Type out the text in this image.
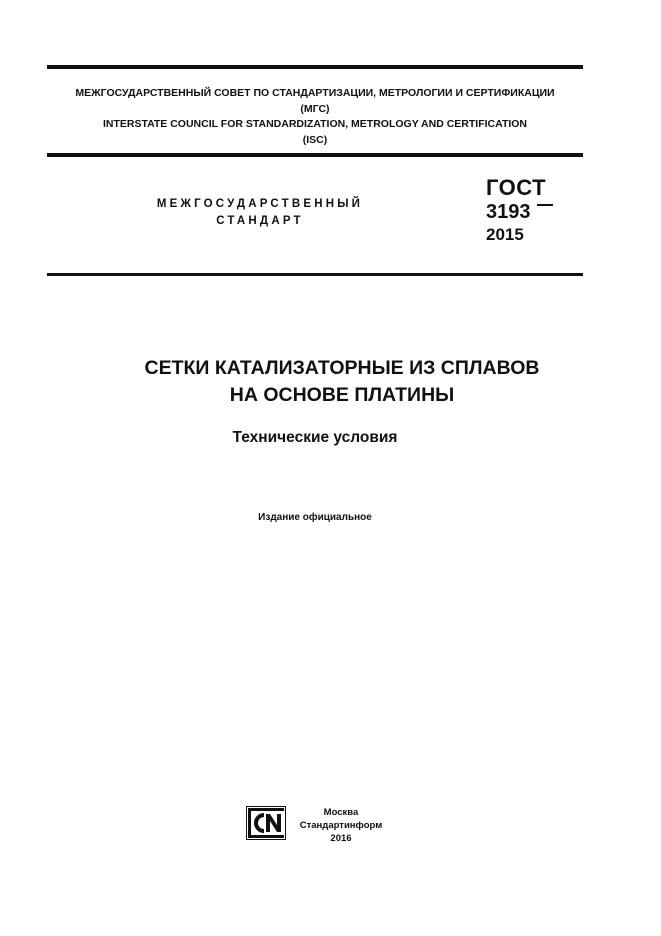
МЕЖГОСУДАРСТВЕННЫЙ СОВЕТ ПО СТАНДАРТИЗАЦИИ, МЕТРОЛОГИИ И СЕРТИФИКАЦИИ
(МГС)
INTERSTATE COUNCIL FOR STANDARDIZATION, METROLOGY AND CERTIFICATION
(ISC)
МЕЖГОСУДАРСТВЕННЫЙ
СТАНДАРТ
ГОСТ
3193
2015
СЕТКИ КАТАЛИЗАТОРНЫЕ ИЗ СПЛАВОВ
НА ОСНОВЕ ПЛАТИНЫ
Технические условия
Издание официальное
Москва
Стандартинформ
2016
